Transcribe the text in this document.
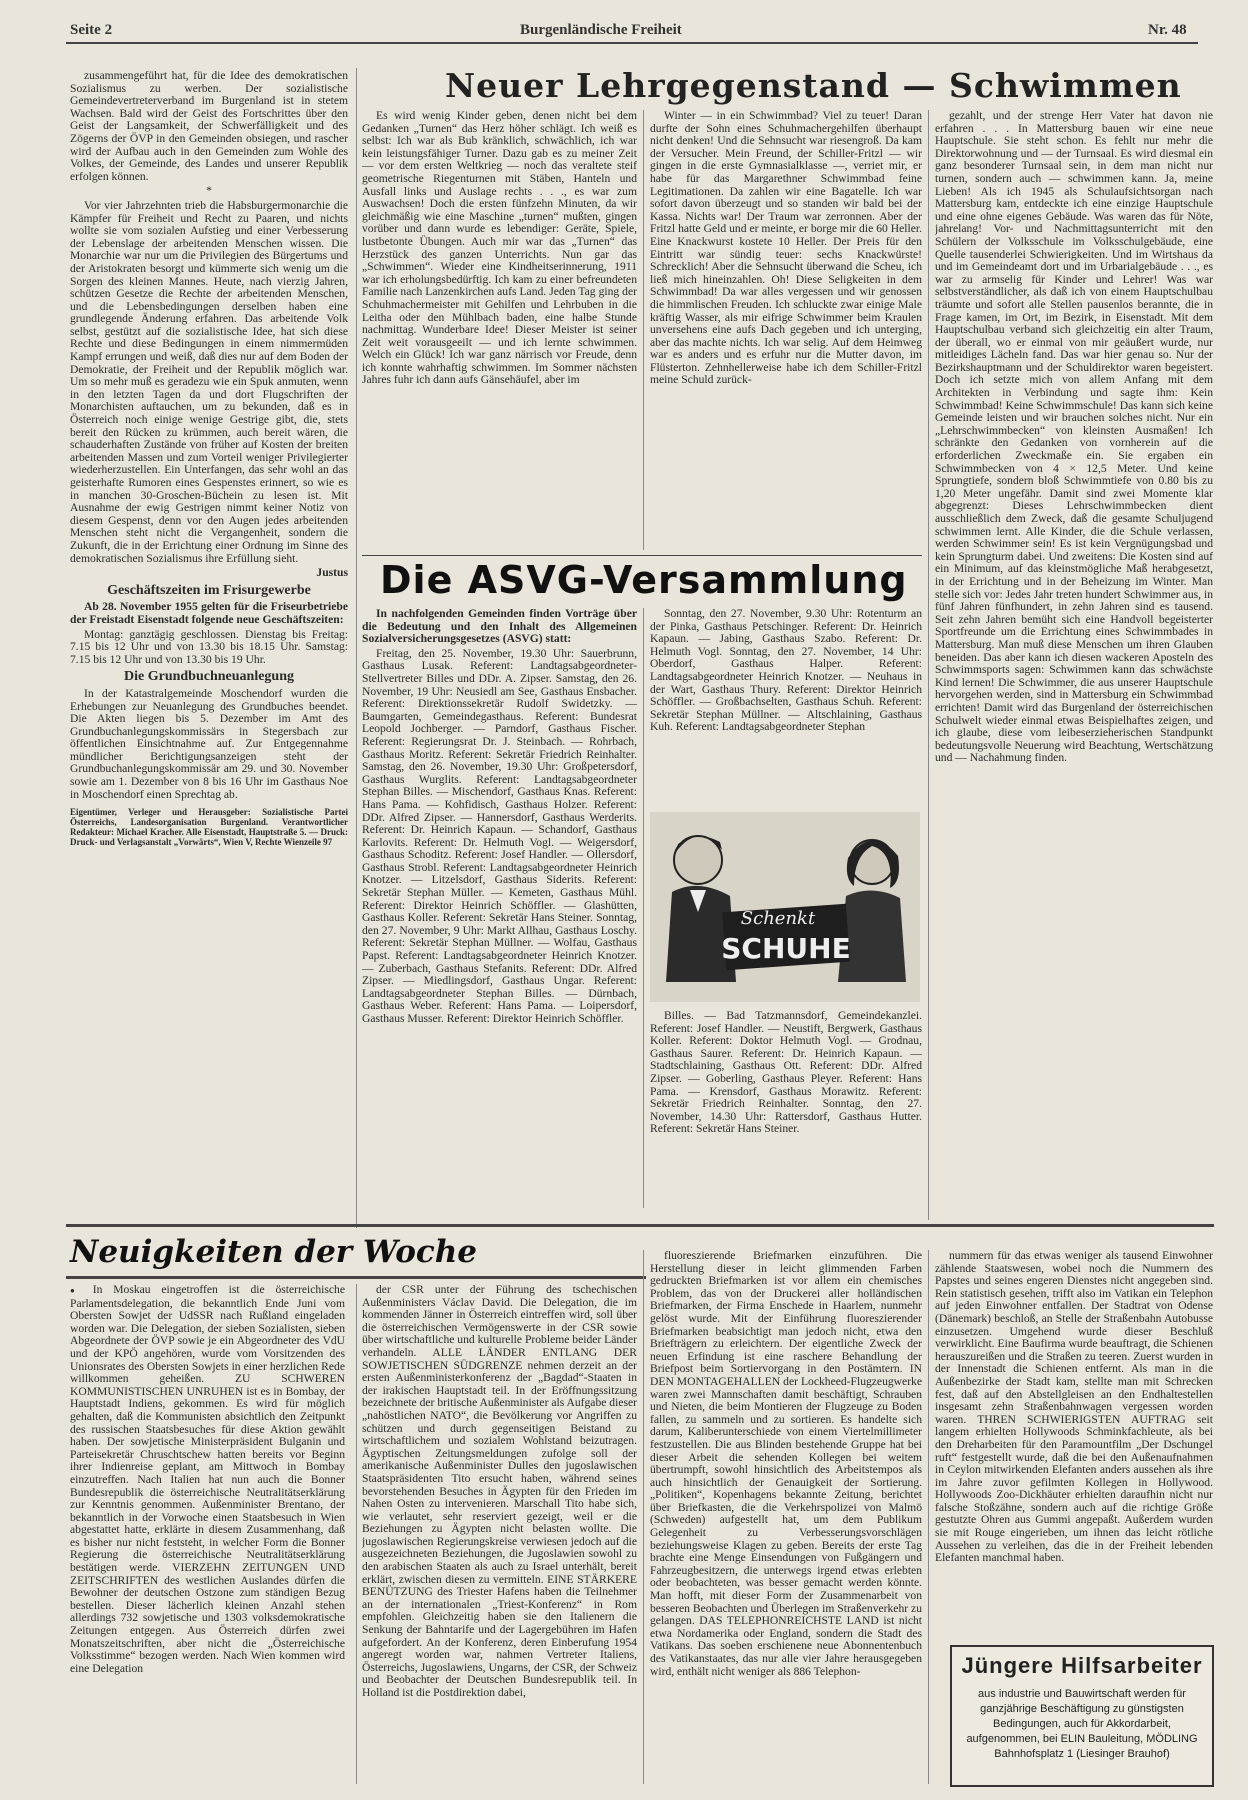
Seite 2	Burgenländische Freiheit	Nr. 48

zusammengeführt hat, für die Idee des demokratischen Sozialismus zu werben. Der sozialistische Gemeindevertreterverband im Burgenland ist in stetem Wachsen. Bald wird der Geist des Fortschrittes über den Geist der Langsamkeit, der Schwerfälligkeit und des Zögerns der ÖVP in den Gemeinden obsiegen, und rascher wird der Aufbau auch in den Gemeinden zum Wohle des Volkes, der Gemeinde, des Landes und unserer Republik erfolgen können.

*

Vor vier Jahrzehnten trieb die Habsburgermonarchie die Kämpfer für Freiheit und Recht zu Paaren, und nichts wollte sie vom sozialen Aufstieg und einer Verbesserung der Lebenslage der arbeitenden Menschen wissen. Die Monarchie war nur um die Privilegien des Bürgertums und der Aristokraten besorgt und kümmerte sich wenig um die Sorgen des kleinen Mannes. Heute, nach vierzig Jahren, schützen Gesetze die Rechte der arbeitenden Menschen, und die Lebensbedingungen derselben haben eine grundlegende Änderung erfahren. Das arbeitende Volk selbst, gestützt auf die sozialistische Idee, hat sich diese Rechte und diese Bedingungen in einem nimmermüden Kampf errungen und weiß, daß dies nur auf dem Boden der Demokratie, der Freiheit und der Republik möglich war. Um so mehr muß es geradezu wie ein Spuk anmuten, wenn in den letzten Tagen da und dort Flugschriften der Monarchisten auftauchen, um zu bekunden, daß es in Österreich noch einige wenige Gestrige gibt, die, stets bereit den Rücken zu krümmen, auch bereit wären, die schauderhaften Zustände von früher auf Kosten der breiten arbeitenden Massen und zum Vorteil weniger Privilegierter wiederherzustellen. Ein Unterfangen, das sehr wohl an das geisterhafte Rumoren eines Gespenstes erinnert, so wie es in manchen 30-Groschen-Büchein zu lesen ist. Mit Ausnahme der ewig Gestrigen nimmt keiner Notiz von diesem Gespenst, denn vor den Augen jedes arbeitenden Menschen steht nicht die Vergangenheit, sondern die Zukunft, die in der Errichtung einer Ordnung im Sinne des demokratischen Sozialismus ihre Erfüllung sieht.

Justus

Geschäftszeiten im Frisurgewerbe

Ab 28. November 1955 gelten für die Friseurbetriebe der Freistadt Eisenstadt folgende neue Geschäftszeiten:

Montag: ganztägig geschlossen. Dienstag bis Freitag: 7.15 bis 12 Uhr und von 13.30 bis 18.15 Uhr. Samstag: 7.15 bis 12 Uhr und von 13.30 bis 19 Uhr.

Die Grundbuchneuanlegung

In der Katastralgemeinde Moschendorf wurden die Erhebungen zur Neuanlegung des Grundbuches beendet. Die Akten liegen bis 5. Dezember im Amt des Grundbuchanlegungskommissärs in Stegersbach zur öffentlichen Einsichtnahme auf. Zur Entgegennahme mündlicher Berichtigungsanzeigen steht der Grundbuchanlegungskommissär am 29. und 30. November sowie am 1. Dezember von 8 bis 16 Uhr im Gasthaus Noe in Moschendorf einen Sprechtag ab.

Eigentümer, Verleger und Herausgeber: Sozialistische Partei Österreichs, Landesorganisation Burgenland. Verantwortlicher Redakteur: Michael Kracher. Alle Eisenstadt, Hauptstraße 5. — Druck: Druck- und Verlagsanstalt „Vorwärts“, Wien V, Rechte Wienzeile 97

Neuer Lehrgegenstand — Schwimmen

Es wird wenig Kinder geben, denen nicht bei dem Gedanken „Turnen“ das Herz höher schlägt. Ich weiß es selbst: Ich war als Bub kränklich, schwächlich, ich war kein leistungsfähiger Turner. Dazu gab es zu meiner Zeit — vor dem ersten Weltkrieg — noch das veraltete steif geometrische Riegenturnen mit Stäben, Hanteln und Ausfall links und Auslage rechts . . ., es war zum Auswachsen! Doch die ersten fünfzehn Minuten, da wir gleichmäßig wie eine Maschine „turnen“ mußten, gingen vorüber und dann wurde es lebendiger: Geräte, Spiele, lustbetonte Übungen. Auch mir war das „Turnen“ das Herzstück des ganzen Unterrichts. Nun gar das „Schwimmen“. Wieder eine Kindheitserinnerung, 1911 war ich erholungsbedürftig. Ich kam zu einer befreundeten Familie nach Lanzenkirchen aufs Land. Jeden Tag ging der Schuhmachermeister mit Gehilfen und Lehrbuben in die Leitha oder den Mühlbach baden, eine halbe Stunde nachmittag. Wunderbare Idee! Dieser Meister ist seiner Zeit weit vorausgeeilt — und ich lernte schwimmen. Welch ein Glück! Ich war ganz närrisch vor Freude, denn ich konnte wahrhaftig schwimmen. Im Sommer nächsten Jahres fuhr ich dann aufs Gänsehäufel, aber im

Winter — in ein Schwimmbad? Viel zu teuer! Daran durfte der Sohn eines Schuhmachergehilfen überhaupt nicht denken! Und die Sehnsucht war riesengroß. Da kam der Versucher. Mein Freund, der Schiller-Fritzl — wir gingen in die erste Gymnasialklasse —, verriet mir, er habe für das Margarethner Schwimmbad feine Legitimationen. Da zahlen wir eine Bagatelle. Ich war sofort davon überzeugt und so standen wir bald bei der Kassa. Nichts war! Der Traum war zerronnen. Aber der Fritzl hatte Geld und er meinte, er borge mir die 60 Heller. Eine Knackwurst kostete 10 Heller. Der Preis für den Eintritt war sündig teuer: sechs Knackwürste! Schrecklich! Aber die Sehnsucht überwand die Scheu, ich ließ mich hineinzahlen. Oh! Diese Seligkeiten in dem Schwimmbad! Da war alles vergessen und wir genossen die himmlischen Freuden. Ich schluckte zwar einige Male kräftig Wasser, als mir eifrige Schwimmer beim Kraulen unversehens eine aufs Dach gegeben und ich unterging, aber das machte nichts. Ich war selig. Auf dem Heimweg war es anders und es erfuhr nur die Mutter davon, im Flüsterton. Zehnhellerweise habe ich dem Schiller-Fritzl meine Schuld zurück-

gezahlt, und der strenge Herr Vater hat davon nie erfahren . . . In Mattersburg bauen wir eine neue Hauptschule. Sie steht schon. Es fehlt nur mehr die Direktorwohnung und — der Turnsaal. Es wird diesmal ein ganz besonderer Turnsaal sein, in dem man nicht nur turnen, sondern auch — schwimmen kann. Ja, meine Lieben! Als ich 1945 als Schulaufsichtsorgan nach Mattersburg kam, entdeckte ich eine einzige Hauptschule und eine ohne eigenes Gebäude. Was waren das für Nöte, jahrelang! Vor- und Nachmittagsunterricht mit den Schülern der Volksschule im Volksschulgebäude, eine Quelle tausenderlei Schwierigkeiten. Und im Wirtshaus da und im Gemeindeamt dort und im Urbarialgebäude . . ., es war zu armselig für Kinder und Lehrer! Was war selbstverständlicher, als daß ich von einem Hauptschulbau träumte und sofort alle Stellen pausenlos berannte, die in Frage kamen, im Ort, im Bezirk, in Eisenstadt. Mit dem Hauptschulbau verband sich gleichzeitig ein alter Traum, der überall, wo er einmal von mir geäußert wurde, nur mitleidiges Lächeln fand. Das war hier genau so. Nur der Bezirkshauptmann und der Schuldirektor waren begeistert. Doch ich setzte mich von allem Anfang mit dem Architekten in Verbindung und sagte ihm: Kein Schwimmbad! Keine Schwimmschule! Das kann sich keine Gemeinde leisten und wir brauchen solches nicht. Nur ein „Lehrschwimmbecken“ von kleinsten Ausmaßen! Ich schränkte den Gedanken von vornherein auf die erforderlichen Zweckmaße ein. Sie ergaben ein Schwimmbecken von 4 × 12,5 Meter. Und keine Sprungtiefe, sondern bloß Schwimmtiefe von 0.80 bis zu 1,20 Meter ungefähr. Damit sind zwei Momente klar abgegrenzt: Dieses Lehrschwimmbecken dient ausschließlich dem Zweck, daß die gesamte Schuljugend schwimmen lernt. Alle Kinder, die die Schule verlassen, werden Schwimmer sein! Es ist kein Vergnügungsbad und kein Sprungturm dabei. Und zweitens: Die Kosten sind auf ein Minimum, auf das kleinstmögliche Maß herabgesetzt, in der Errichtung und in der Beheizung im Winter. Man stelle sich vor: Jedes Jahr treten hundert Schwimmer aus, in fünf Jahren fünfhundert, in zehn Jahren sind es tausend. Seit zehn Jahren bemüht sich eine Handvoll begeisterter Sportfreunde um die Errichtung eines Schwimmbades in Mattersburg. Man muß diese Menschen um ihren Glauben beneiden. Das aber kann ich diesen wackeren Aposteln des Schwimmsports sagen: Schwimmen kann das schwächste Kind lernen! Die Schwimmer, die aus unserer Hauptschule hervorgehen werden, sind in Mattersburg ein Schwimmbad errichten! Damit wird das Burgenland der österreichischen Schulwelt wieder einmal etwas Beispielhaftes zeigen, und ich glaube, diese vom leibeserzieherischen Standpunkt bedeutungsvolle Neuerung wird Beachtung, Wertschätzung und — Nachahmung finden.

Die ASVG-Versammlung

In nachfolgenden Gemeinden finden Vorträge über die Bedeutung und den Inhalt des Allgemeinen Sozialversicherungsgesetzes (ASVG) statt:

Freitag, den 25. November, 19.30 Uhr: Sauerbrunn, Gasthaus Lusak. Referent: Landtagsabgeordneter-Stellvertreter Billes und DDr. A. Zipser. Samstag, den 26. November, 19 Uhr: Neusiedl am See, Gasthaus Ensbacher. Referent: Direktionssekretär Rudolf Swidetzky. — Baumgarten, Gemeindegasthaus. Referent: Bundesrat Leopold Jochberger. — Parndorf, Gasthaus Fischer. Referent: Regierungsrat Dr. J. Steinbach. — Rohrbach, Gasthaus Moritz. Referent: Sekretär Friedrich Reinhalter. Samstag, den 26. November, 19.30 Uhr: Großpetersdorf, Gasthaus Wurglits. Referent: Landtagsabgeordneter Stephan Billes. — Mischendorf, Gasthaus Knas. Referent: Hans Pama. — Kohfidisch, Gasthaus Holzer. Referent: DDr. Alfred Zipser. — Hannersdorf, Gasthaus Werderits. Referent: Dr. Heinrich Kapaun. — Schandorf, Gasthaus Karlovits. Referent: Dr. Helmuth Vogl. — Weigersdorf, Gasthaus Schoditz. Referent: Josef Handler. — Ollersdorf, Gasthaus Strobl. Referent: Landtagsabgeordneter Heinrich Knotzer. — Litzelsdorf, Gasthaus Siderits. Referent: Sekretär Stephan Müller. — Kemeten, Gasthaus Mühl. Referent: Direktor Heinrich Schöffler. — Glashütten, Gasthaus Koller. Referent: Sekretär Hans Steiner. Sonntag, den 27. November, 9 Uhr: Markt Allhau, Gasthaus Loschy. Referent: Sekretär Stephan Müllner. — Wolfau, Gasthaus Papst. Referent: Landtagsabgeordneter Heinrich Knotzer. — Zuberbach, Gasthaus Stefanits. Referent: DDr. Alfred Zipser. — Miedlingsdorf, Gasthaus Ungar. Referent: Landtagsabgeordneter Stephan Billes. — Dürnbach, Gasthaus Weber. Referent: Hans Pama. — Loipersdorf, Gasthaus Musser. Referent: Direktor Heinrich Schöffler.

Sonntag, den 27. November, 9.30 Uhr: Rotenturm an der Pinka, Gasthaus Petschinger. Referent: Dr. Heinrich Kapaun. — Jabing, Gasthaus Szabo. Referent: Dr. Helmuth Vogl. Sonntag, den 27. November, 14 Uhr: Oberdorf, Gasthaus Halper. Referent: Landtagsabgeordneter Heinrich Knotzer. — Neuhaus in der Wart, Gasthaus Thury. Referent: Direktor Heinrich Schöffler. — Großbachselten, Gasthaus Schuh. Referent: Sekretär Stephan Müllner. — Altschlaining, Gasthaus Kuh. Referent: Landtagsabgeordneter Stephan

Schenkt
SCHUHE

Billes. — Bad Tatzmannsdorf, Gemeindekanzlei. Referent: Josef Handler. — Neustift, Bergwerk, Gasthaus Koller. Referent: Doktor Helmuth Vogl. — Grodnau, Gasthaus Saurer. Referent: Dr. Heinrich Kapaun. — Stadtschlaining, Gasthaus Ott. Referent: DDr. Alfred Zipser. — Goberling, Gasthaus Pleyer. Referent: Hans Pama. — Krensdorf, Gasthaus Morawitz. Referent: Sekretär Friedrich Reinhalter. Sonntag, den 27. November, 14.30 Uhr: Rattersdorf, Gasthaus Hutter. Referent: Sekretär Hans Steiner.

Neuigkeiten der Woche

● In Moskau eingetroffen ist die österreichische Parlamentsdelegation, die bekanntlich Ende Juni vom Obersten Sowjet der UdSSR nach Rußland eingeladen worden war. Die Delegation, der sieben Sozialisten, sieben Abgeordnete der ÖVP sowie je ein Abgeordneter des VdU und der KPÖ angehören, wurde vom Vorsitzenden des Unionsrates des Obersten Sowjets in einer herzlichen Rede willkommen geheißen. ZU SCHWEREN KOMMUNISTISCHEN UNRUHEN ist es in Bombay, der Hauptstadt Indiens, gekommen. Es wird für möglich gehalten, daß die Kommunisten absichtlich den Zeitpunkt des russischen Staatsbesuches für diese Aktion gewählt haben. Der sowjetische Ministerpräsident Bulganin und Parteisekretär Chruschtschew hatten bereits vor Beginn ihrer Indienreise geplant, am Mittwoch in Bombay einzutreffen. Nach Italien hat nun auch die Bonner Bundesrepublik die österreichische Neutralitätserklärung zur Kenntnis genommen. Außenminister Brentano, der bekanntlich in der Vorwoche einen Staatsbesuch in Wien abgestattet hatte, erklärte in diesem Zusammenhang, daß es bisher nur nicht feststeht, in welcher Form die Bonner Regierung die österreichische Neutralitätserklärung bestätigen werde. VIERZEHN ZEITUNGEN UND ZEITSCHRIFTEN des westlichen Auslandes dürfen die Bewohner der deutschen Ostzone zum ständigen Bezug bestellen. Dieser lächerlich kleinen Anzahl stehen allerdings 732 sowjetische und 1303 volksdemokratische Zeitungen entgegen. Aus Österreich dürfen zwei Monatszeitschriften, aber nicht die „Österreichische Volksstimme“ bezogen werden. Nach Wien kommen wird eine Delegation

der CSR unter der Führung des tschechischen Außenministers Václav David. Die Delegation, die im kommenden Jänner in Österreich eintreffen wird, soll über die österreichischen Vermögenswerte in der CSR sowie über wirtschaftliche und kulturelle Probleme beider Länder verhandeln. ALLE LÄNDER ENTLANG DER SOWJETISCHEN SÜDGRENZE nehmen derzeit an der ersten Außenministerkonferenz der „Bagdad“-Staaten in der irakischen Hauptstadt teil. In der Eröffnungssitzung bezeichnete der britische Außenminister als Aufgabe dieser „nahöstlichen NATO“, die Bevölkerung vor Angriffen zu schützen und durch gegenseitigen Beistand zu wirtschaftlichem und sozialem Wohlstand beizutragen. Ägyptischen Zeitungsmeldungen zufolge soll der amerikanische Außenminister Dulles den jugoslawischen Staatspräsidenten Tito ersucht haben, während seines bevorstehenden Besuches in Ägypten für den Frieden im Nahen Osten zu intervenieren. Marschall Tito habe sich, wie verlautet, sehr reserviert gezeigt, weil er die Beziehungen zu Ägypten nicht belasten wollte. Die jugoslawischen Regierungskreise verwiesen jedoch auf die ausgezeichneten Beziehungen, die Jugoslawien sowohl zu den arabischen Staaten als auch zu Israel unterhält, bereit erklärt, zwischen diesen zu vermitteln. EINE STÄRKERE BENÜTZUNG des Triester Hafens haben die Teilnehmer an der internationalen „Triest-Konferenz“ in Rom empfohlen. Gleichzeitig haben sie den Italienern die Senkung der Bahntarife und der Lagergebühren im Hafen aufgefordert. An der Konferenz, deren Einberufung 1954 angeregt worden war, nahmen Vertreter Italiens, Österreichs, Jugoslawiens, Ungarns, der CSR, der Schweiz und Beobachter der Deutschen Bundesrepublik teil. In Holland ist die Postdirektion dabei,

fluoreszierende Briefmarken einzuführen. Die Herstellung dieser in leicht glimmenden Farben gedruckten Briefmarken ist vor allem ein chemisches Problem, das von der Druckerei aller holländischen Briefmarken, der Firma Enschede in Haarlem, nunmehr gelöst wurde. Mit der Einführung fluoreszierender Briefmarken beabsichtigt man jedoch nicht, etwa den Briefträgern zu erleichtern. Der eigentliche Zweck der neuen Erfindung ist eine raschere Behandlung der Briefpost beim Sortiervorgang in den Postämtern. IN DEN MONTAGEHALLEN der Lockheed-Flugzeugwerke waren zwei Mannschaften damit beschäftigt, Schrauben und Nieten, die beim Montieren der Flugzeuge zu Boden fallen, zu sammeln und zu sortieren. Es handelte sich darum, Kaliberunterschiede von einem Viertelmillimeter festzustellen. Die aus Blinden bestehende Gruppe hat bei dieser Arbeit die sehenden Kollegen bei weitem übertrumpft, sowohl hinsichtlich des Arbeitstempos als auch hinsichtlich der Genauigkeit der Sortierung. „Politiken“, Kopenhagens bekannte Zeitung, berichtet über Briefkasten, die die Verkehrspolizei von Malmö (Schweden) aufgestellt hat, um dem Publikum Gelegenheit zu Verbesserungsvorschlägen beziehungsweise Klagen zu geben. Bereits der erste Tag brachte eine Menge Einsendungen von Fußgängern und Fahrzeugbesitzern, die unterwegs irgend etwas erlebten oder beobachteten, was besser gemacht werden könnte. Man hofft, mit dieser Form der Zusammenarbeit von besseren Beobachten und Überlegen im Straßenverkehr zu gelangen. DAS TELEPHONREICHSTE LAND ist nicht etwa Nordamerika oder England, sondern die Stadt des Vatikans. Das soeben erschienene neue Abonnentenbuch des Vatikanstaates, das nur alle vier Jahre herausgegeben wird, enthält nicht weniger als 886 Telephon-

nummern für das etwas weniger als tausend Einwohner zählende Staatswesen, wobei noch die Nummern des Papstes und seines engeren Dienstes nicht angegeben sind. Rein statistisch gesehen, trifft also im Vatikan ein Telephon auf jeden Einwohner entfallen. Der Stadtrat von Odense (Dänemark) beschloß, an Stelle der Straßenbahn Autobusse einzusetzen. Umgehend wurde dieser Beschluß verwirklicht. Eine Baufirma wurde beauftragt, die Schienen herauszureißen und die Straßen zu teeren. Zuerst wurden in der Innenstadt die Schienen entfernt. Als man in die Außenbezirke der Stadt kam, stellte man mit Schrecken fest, daß auf den Abstellgleisen an den Endhaltestellen insgesamt zehn Straßenbahnwagen vergessen worden waren. THREN SCHWIERIGSTEN AUFTRAG seit langem erhielten Hollywoods Schminkfachleute, als bei den Dreharbeiten für den Paramountfilm „Der Dschungel ruft“ festgestellt wurde, daß die bei den Außenaufnahmen in Ceylon mitwirkenden Elefanten anders aussehen als ihre im Jahre zuvor gefilmten Kollegen in Hollywood. Hollywoods Zoo-Dickhäuter erhielten daraufhin nicht nur falsche Stoßzähne, sondern auch auf die richtige Größe gestutzte Ohren aus Gummi angepaßt. Außerdem wurden sie mit Rouge eingerieben, um ihnen das leicht rötliche Aussehen zu verleihen, das die in der Freiheit lebenden Elefanten manchmal haben.

Jüngere Hilfsarbeiter
aus industrie und Bauwirtschaft werden für ganzjährige Beschäftigung zu günstigsten Bedingungen, auch für Akkordarbeit, aufgenommen, bei ELIN Bauleitung, MÖDLING Bahnhofsplatz 1 (Liesinger Brauhof)
